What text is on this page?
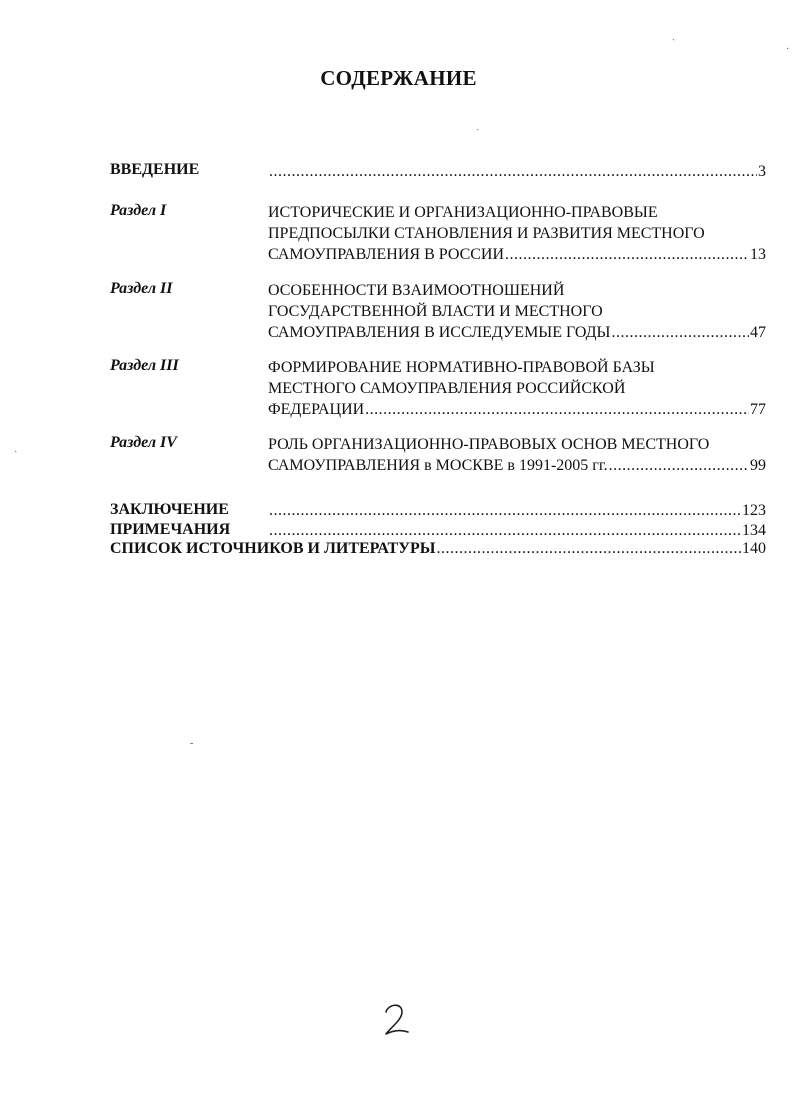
СОДЕРЖАНИЕ
ВВЕДЕНИЕ .....	3
Раздел I	ИСТОРИЧЕСКИЕ И ОРГАНИЗАЦИОННО-ПРАВОВЫЕ
ПРЕДПОСЫЛКИ СТАНОВЛЕНИЯ И РАЗВИТИЯ МЕСТНОГО
САМОУПРАВЛЕНИЯ В РОССИИ .....	13
Раздел II	ОСОБЕННОСТИ ВЗАИМООТНОШЕНИЙ
ГОСУДАРСТВЕННОЙ ВЛАСТИ И МЕСТНОГО
САМОУПРАВЛЕНИЯ В ИССЛЕДУЕМЫЕ ГОДЫ .....	47
Раздел III	ФОРМИРОВАНИЕ НОРМАТИВНО-ПРАВОВОЙ БАЗЫ
МЕСТНОГО САМОУПРАВЛЕНИЯ РОССИЙСКОЙ
ФЕДЕРАЦИИ .....	77
Раздел IV	РОЛЬ ОРГАНИЗАЦИОННО-ПРАВОВЫХ ОСНОВ МЕСТНОГО
САМОУПРАВЛЕНИЯ в МОСКВЕ в 1991-2005 гг. .....	99
ЗАКЛЮЧЕНИЕ .....	123
ПРИМЕЧАНИЯ .....	134
СПИСОК ИСТОЧНИКОВ И ЛИТЕРАТУРЫ .....	140
ˏ
·
ˏ
ˏ
-
